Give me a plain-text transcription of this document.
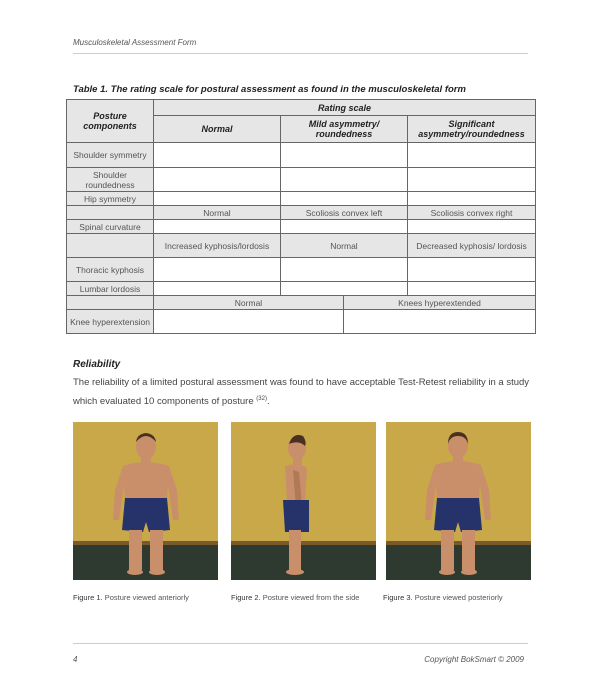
Musculoskeletal Assessment Form
Table 1. The rating scale for postural assessment as found in the musculoskeletal form
Posture components	Rating scale			
	Normal	Mild asymmetry/ roundedness		Significant asymmetry/roundedness
Shoulder symmetry				
Shoulder roundedness				
Hip symmetry				
	Normal	Scoliosis convex left		Scoliosis convex right
Spinal curvature				
	Increased kyphosis/lordosis	Normal		Decreased kyphosis/ lordosis
Thoracic kyphosis				
Lumbar lordosis				
	Normal		Knees hyperextended	
Knee hyperextension				
Reliability
The reliability of a limited postural assessment was found to have acceptable Test-Retest reliability in a study which evaluated 10 components of posture $^{(32)}$.
Figure 1. Posture viewed anteriorly	Figure 2. Posture viewed from the side	Figure 3. Posture viewed posteriorly
4	Copyright BokSmart © 2009
